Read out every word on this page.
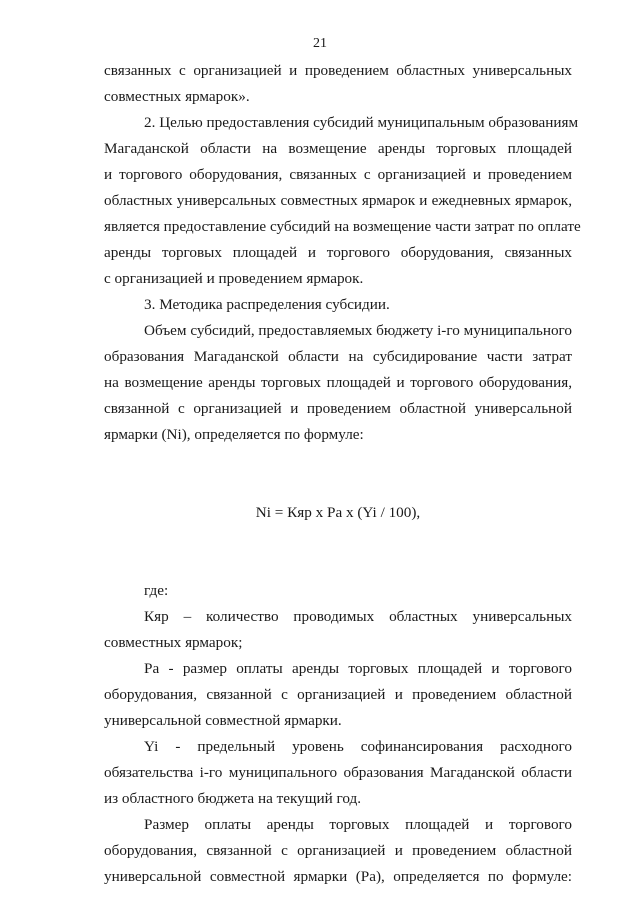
21
связанных с организацией и проведением областных универсальных
совместных ярмарок».
2. Целью предоставления субсидий муниципальным образованиям
Магаданской области на возмещение аренды торговых площадей
и торгового оборудования, связанных с организацией и проведением
областных универсальных совместных ярмарок и ежедневных ярмарок,
является предоставление субсидий на возмещение части затрат по оплате
аренды торговых площадей и торгового оборудования, связанных
с организацией и проведением ярмарок.
3. Методика распределения субсидии.
Объем субсидий, предоставляемых бюджету i-го муниципального
образования Магаданской области на субсидирование части затрат
на возмещение аренды торговых площадей и торгового оборудования,
связанной с организацией и проведением областной универсальной
ярмарки (Ni), определяется по формуле:
Ni = Кяр x Ра x (Yi / 100),
где:
Кяр – количество проводимых областных универсальных
совместных ярмарок;
Ра - размер оплаты аренды торговых площадей и торгового
оборудования, связанной с организацией и проведением областной
универсальной совместной ярмарки.
Yi - предельный уровень софинансирования расходного
обязательства i-го муниципального образования Магаданской области
из областного бюджета на текущий год.
Размер оплаты аренды торговых площадей и торгового
оборудования, связанной с организацией и проведением областной
универсальной совместной ярмарки (Ра), определяется по формуле:
